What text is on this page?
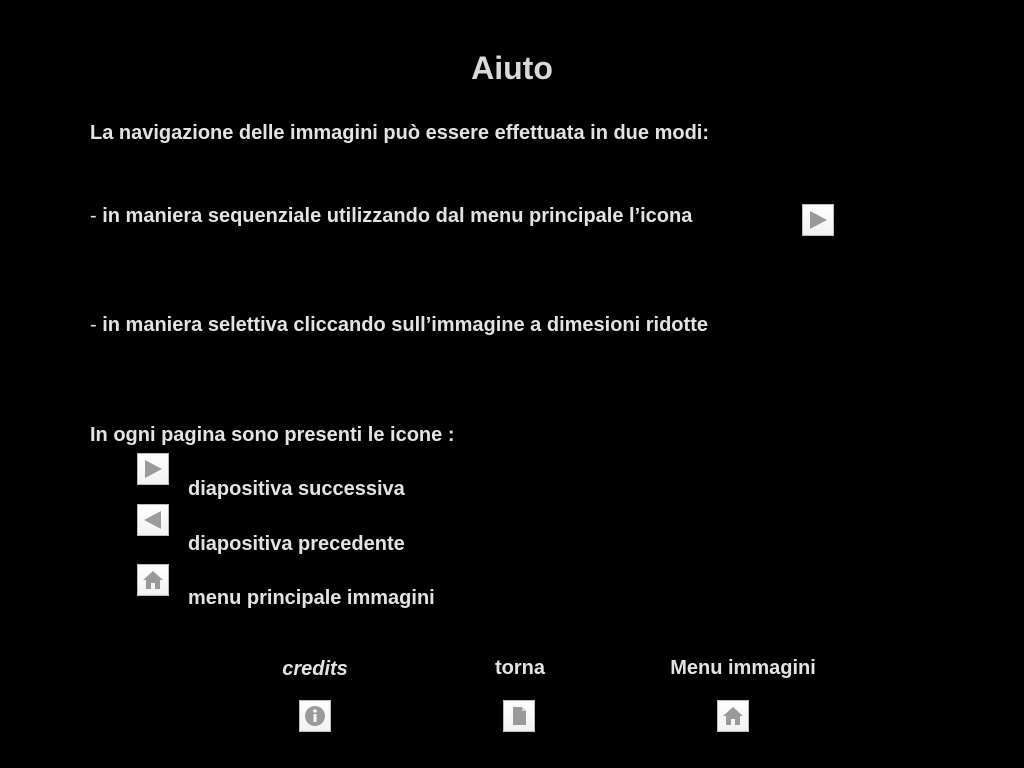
Aiuto
La navigazione delle immagini può essere effettuata in due modi:
- in maniera sequenziale utilizzando dal menu principale l’icona
- in maniera selettiva cliccando sull’immagine a dimesioni ridotte
In ogni pagina sono presenti le icone :
diapositiva successiva
diapositiva precedente
menu principale immagini
credits	torna	Menu immagini
